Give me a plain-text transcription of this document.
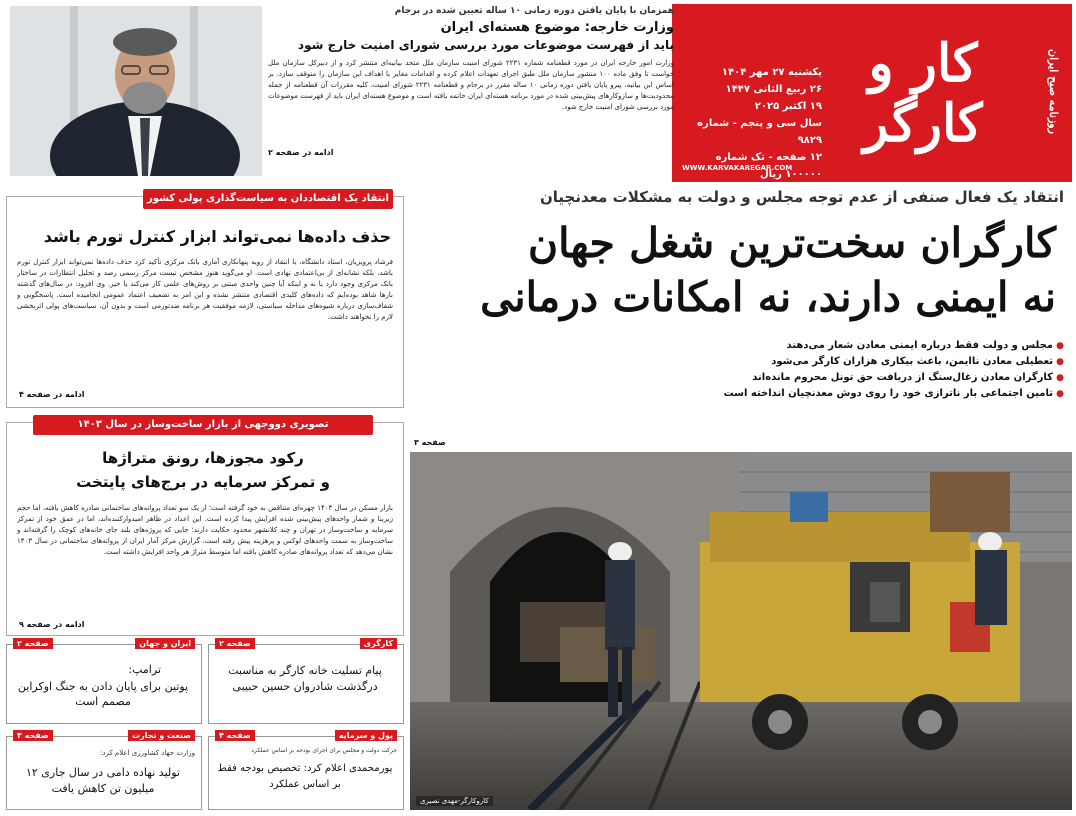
روزنامه صبح ایران
کار و کارگر
یکشنبه ۲۷ مهر ۱۴۰۴
۲۶ ربیع الثانی ۱۴۴۷
۱۹ اکتبر ۲۰۲۵
سال سی و پنجم - شماره ۹۸۲۹
۱۲ صفحه - تک شماره ۱۰۰۰۰۰ ریال
WWW.KARVAKAREGAR.COM
همزمان با پایان یافتن دوره زمانی ۱۰ ساله تعیین شده در برجام
وزارت خارجه: موضوع هسته‌ای ایران
باید از فهرست موضوعات مورد بررسی شورای امنیت خارج شود
وزارت امور خارجه ایران در مورد قطعنامه شماره ۲۲۳۱ شورای امنیت سازمان ملل متحد بیانیه‌ای منتشر کرد و از دبیرکل سازمان ملل خواست تا وفق ماده ۱۰۰ منشور سازمان ملل طبق اجرای تعهدات اعلام کرده و اقدامات مغایر با اهداف این سازمان را متوقف سازد. بر اساس این بیانیه، پیرو پایان یافتن دوره زمانی ۱۰ ساله مقرر در برجام و قطعنامه ۲۲۳۱ شورای امنیت، کلیه مقررات آن قطعنامه از جمله محدودیت‌ها و سازوکارهای پیش‌بینی شده در مورد برنامه هسته‌ای ایران خاتمه یافته است و موضوع هسته‌ای ایران باید از فهرست موضوعات مورد بررسی شورای امنیت خارج شود.
ادامه در صفحه ۲
انتقاد یک فعال صنفی از عدم توجه مجلس و دولت به مشکلات معدنچیان
کارگران سخت‌ترین شغل جهان
نه ایمنی دارند، نه امکانات درمانی
● مجلس و دولت فقط درباره ایمنی معادن شعار می‌دهند
● تعطیلی معادن ناایمن، باعث بیکاری هزاران کارگر می‌شود
● کارگران معادن زغال‌سنگ از دریافت حق تونل محروم مانده‌اند
● تامین اجتماعی بار ناترازی خود را روی دوش معدنچیان انداخته است
صفحه ۳
کاروکارگر-مهدی نصیری
انتقاد یک اقتصاددان به سیاست‌گذاری پولی کشور
حذف داده‌ها نمی‌تواند ابزار کنترل تورم باشد
فرشاد پرویزیان، استاد دانشگاه، با انتقاد از رویه پنهانکاری آماری بانک مرکزی تأکید کرد حذف داده‌ها نمی‌تواند ابزار کنترل تورم باشد، بلکه نشانه‌ای از بی‌اعتمادی نهادی است. او می‌گوید هنوز مشخص نیست مرکز رسمی رصد و تحلیل انتظارات در ساختار بانک مرکزی وجود دارد یا نه و اینکه آیا چنین واحدی مبتنی بر روش‌های علمی کار می‌کند یا خیر. وی افزود: در سال‌های گذشته بارها شاهد بوده‌ایم که داده‌های کلیدی اقتصادی منتشر نشده و این امر به تضعیف اعتماد عمومی انجامیده است. پاسخگویی و شفاف‌سازی درباره شیوه‌های مداخله سیاستی، لازمه موفقیت هر برنامه ضدتورمی است و بدون آن، سیاست‌های پولی اثربخشی لازم را نخواهند داشت.
ادامه در صفحه ۴
تصویری دووجهی از بازار ساخت‌وساز در سال ۱۴۰۳
رکود مجوزها، رونق متراژها
و تمرکز سرمایه در برج‌های پایتخت
بازار مسکن در سال ۱۴۰۳ چهره‌ای متناقض به خود گرفته است؛ از یک سو تعداد پروانه‌های ساختمانی صادره کاهش یافته، اما حجم زیربنا و شمار واحدهای پیش‌بینی شده افزایش پیدا کرده است. این اعداد در ظاهر امیدوارکننده‌اند، اما در عمق خود از تمرکز سرمایه و ساخت‌وساز در تهران و چند کلانشهر محدود حکایت دارند؛ جایی که پروژه‌های بلند جای خانه‌های کوچک را گرفته‌اند و ساخت‌وساز به سمت واحدهای لوکس و پرهزینه پیش رفته است. گزارش مرکز آمار ایران از پروانه‌های ساختمانی در سال ۱۴۰۳ نشان می‌دهد که تعداد پروانه‌های صادره کاهش یافته اما متوسط متراژ هر واحد افزایش داشته است.
ادامه در صفحه ۹
کارگری
صفحه ۲
پیام تسلیت خانه کارگر به مناسبت درگذشت شادروان حسین حبیبی
ایران و جهان
صفحه ۲
ترامپ:
پوتین برای پایان دادن به جنگ اوکراین مصمم است
پول و سرمایه
صفحه ۴
حرکت دولت و مجلس برای اجرای بودجه بر اساس عملکرد
پورمحمدی اعلام کرد: تخصیص بودجه فقط بر اساس عملکرد
صنعت و تجارت
صفحه ۴
وزارت جهاد کشاورزی اعلام کرد:
تولید نهاده دامی در سال جاری ۱۲ میلیون تن کاهش یافت
